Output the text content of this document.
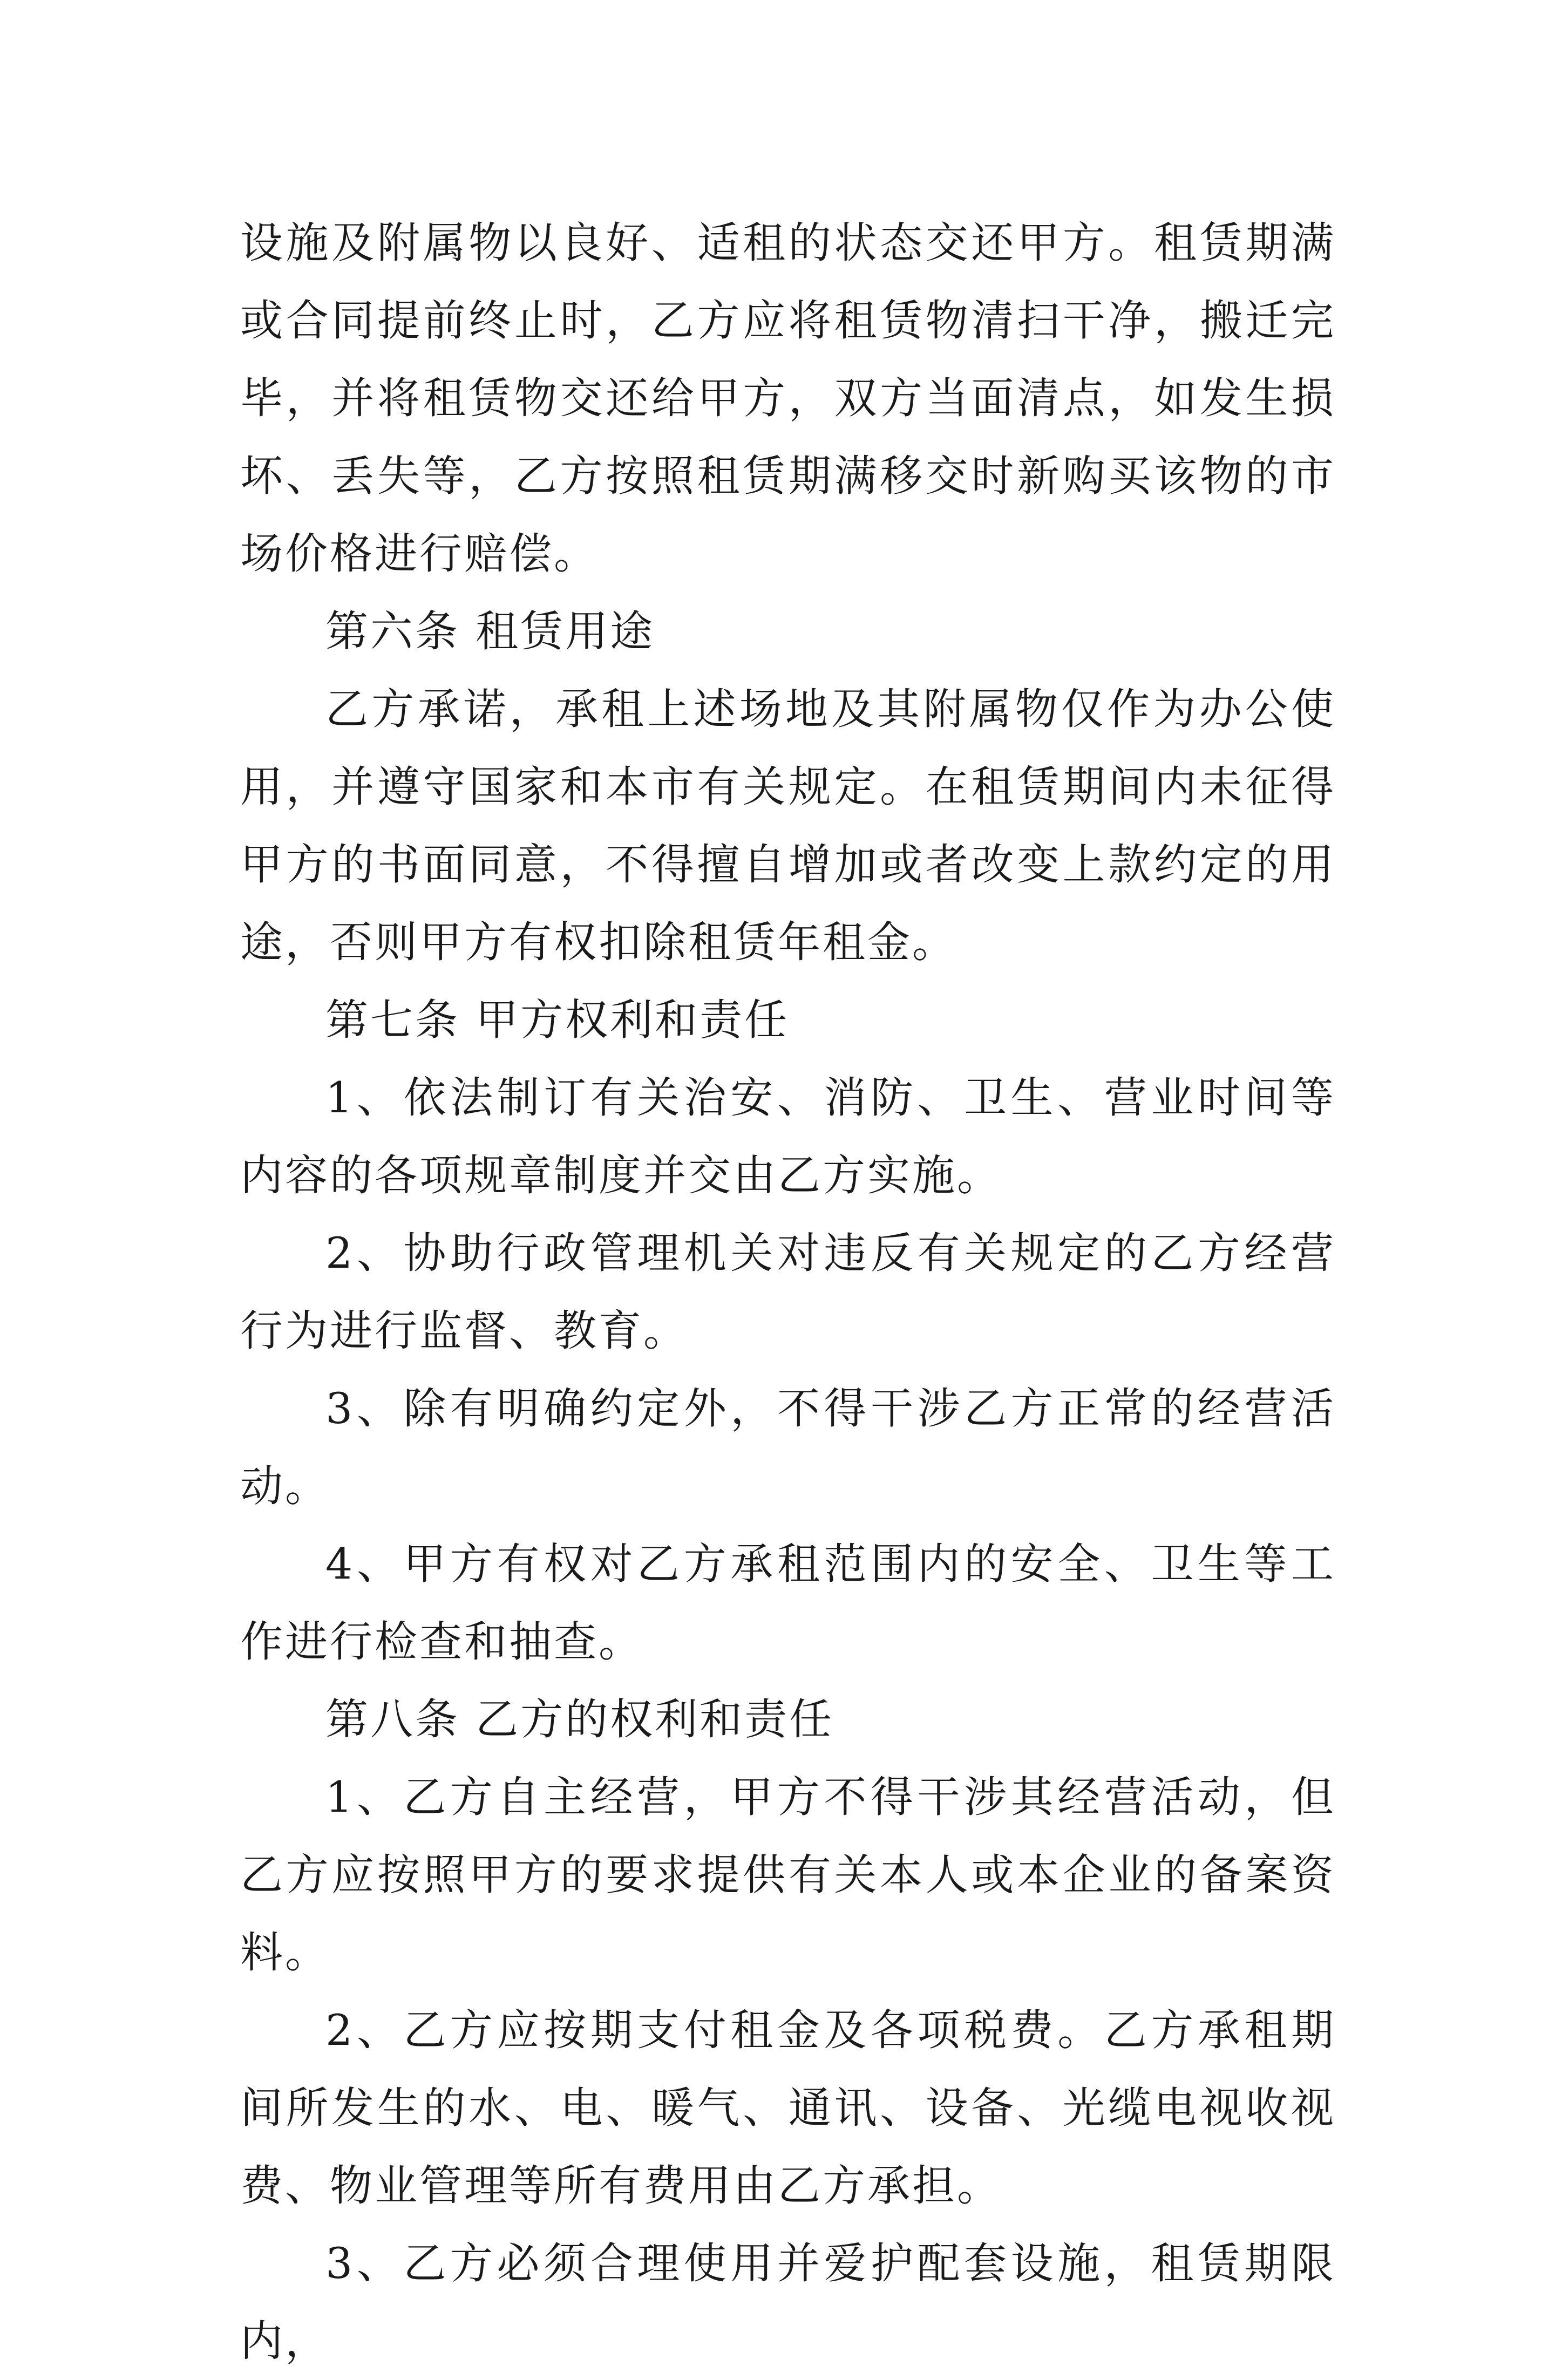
设施及附属物以良好、适租的状态交还甲方。租赁期满或合同提前终止时，乙方应将租赁物清扫干净，搬迁完毕，并将租赁物交还给甲方，双方当面清点，如发生损坏、丢失等，乙方按照租赁期满移交时新购买该物的市场价格进行赔偿。

第六条 租赁用途

乙方承诺，承租上述场地及其附属物仅作为办公使用，并遵守国家和本市有关规定。在租赁期间内未征得甲方的书面同意，不得擅自增加或者改变上款约定的用途，否则甲方有权扣除租赁年租金。

第七条 甲方权利和责任

1、依法制订有关治安、消防、卫生、营业时间等内容的各项规章制度并交由乙方实施。

2、协助行政管理机关对违反有关规定的乙方经营行为进行监督、教育。

3、除有明确约定外，不得干涉乙方正常的经营活动。

4、甲方有权对乙方承租范围内的安全、卫生等工作进行检查和抽查。

第八条 乙方的权利和责任

1、乙方自主经营，甲方不得干涉其经营活动，但乙方应按照甲方的要求提供有关本人或本企业的备案资料。

2、乙方应按期支付租金及各项税费。乙方承租期间所发生的水、电、暖气、通讯、设备、光缆电视收视费、物业管理等所有费用由乙方承担。

3、乙方必须合理使用并爱护配套设施，租赁期限内，
